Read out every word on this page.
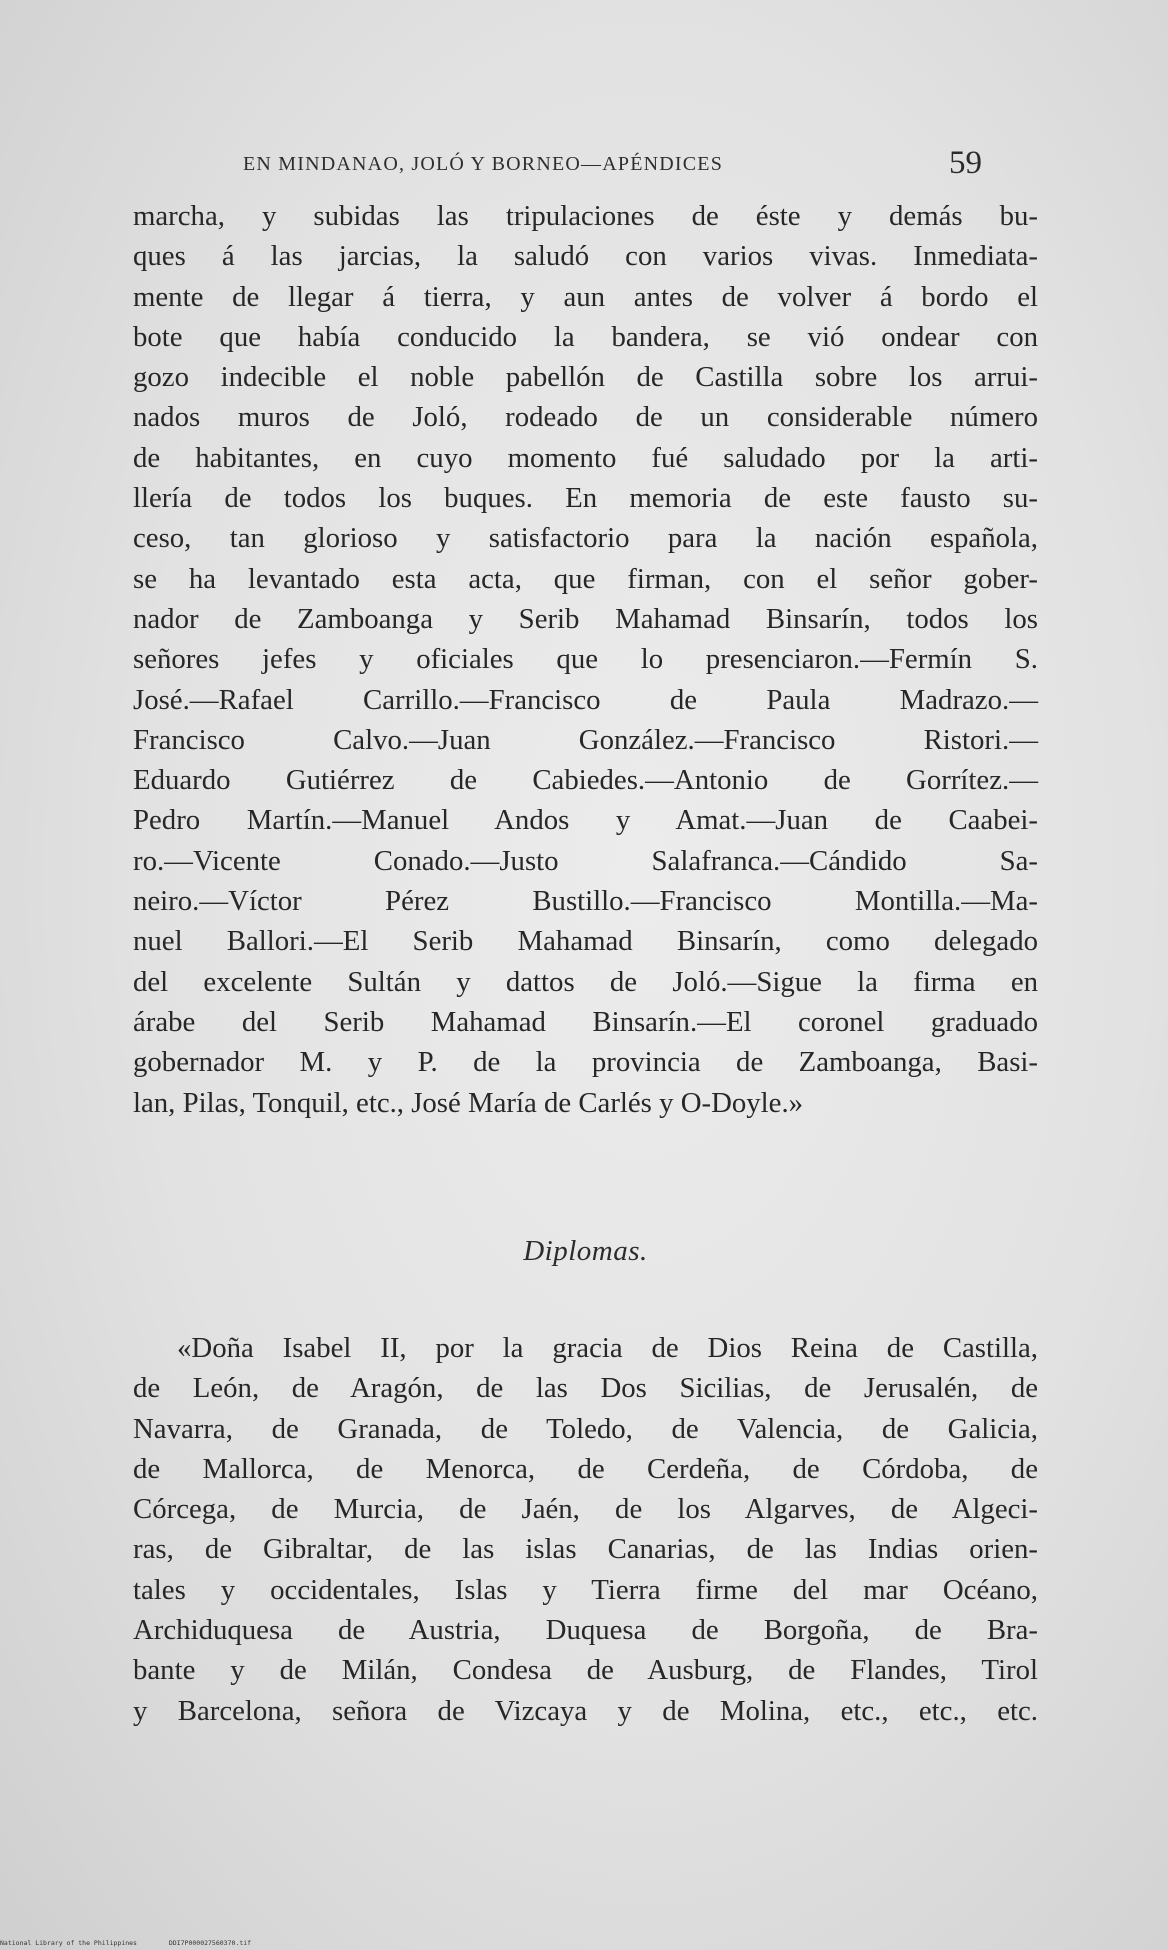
EN MINDANAO, JOLÓ Y BORNEO—APÉNDICES	59
marcha, y subidas las tripulaciones de éste y demás bu-
ques á las jarcias, la saludó con varios vivas. Inmediata-
mente de llegar á tierra, y aun antes de volver á bordo el
bote que había conducido la bandera, se vió ondear con
gozo indecible el noble pabellón de Castilla sobre los arrui-
nados muros de Joló, rodeado de un considerable número
de habitantes, en cuyo momento fué saludado por la arti-
llería de todos los buques. En memoria de este fausto su-
ceso, tan glorioso y satisfactorio para la nación española,
se ha levantado esta acta, que firman, con el señor gober-
nador de Zamboanga y Serib Mahamad Binsarín, todos los
señores jefes y oficiales que lo presenciaron.—Fermín S.
José.—Rafael Carrillo.—Francisco de Paula Madrazo.—
Francisco Calvo.—Juan González.—Francisco Ristori.—
Eduardo Gutiérrez de Cabiedes.—Antonio de Gorrítez.—
Pedro Martín.—Manuel Andos y Amat.—Juan de Caabei-
ro.—Vicente Conado.—Justo Salafranca.—Cándido Sa-
neiro.—Víctor Pérez Bustillo.—Francisco Montilla.—Ma-
nuel Ballori.—El Serib Mahamad Binsarín, como delegado
del excelente Sultán y dattos de Joló.—Sigue la firma en
árabe del Serib Mahamad Binsarín.—El coronel graduado
gobernador M. y P. de la provincia de Zamboanga, Basi-
lan, Pilas, Tonquil, etc., José María de Carlés y O-Doyle.»
Diplomas.
«Doña Isabel II, por la gracia de Dios Reina de Castilla,
de León, de Aragón, de las Dos Sicilias, de Jerusalén, de
Navarra, de Granada, de Toledo, de Valencia, de Galicia,
de Mallorca, de Menorca, de Cerdeña, de Córdoba, de
Córcega, de Murcia, de Jaén, de los Algarves, de Algeci-
ras, de Gibraltar, de las islas Canarias, de las Indias orien-
tales y occidentales, Islas y Tierra firme del mar Océano,
Archiduquesa de Austria, Duquesa de Borgoña, de Bra-
bante y de Milán, Condesa de Ausburg, de Flandes, Tirol
y Barcelona, señora de Vizcaya y de Molina, etc., etc., etc.
National Library of the Philippines	DDI7P000027560370.tif
